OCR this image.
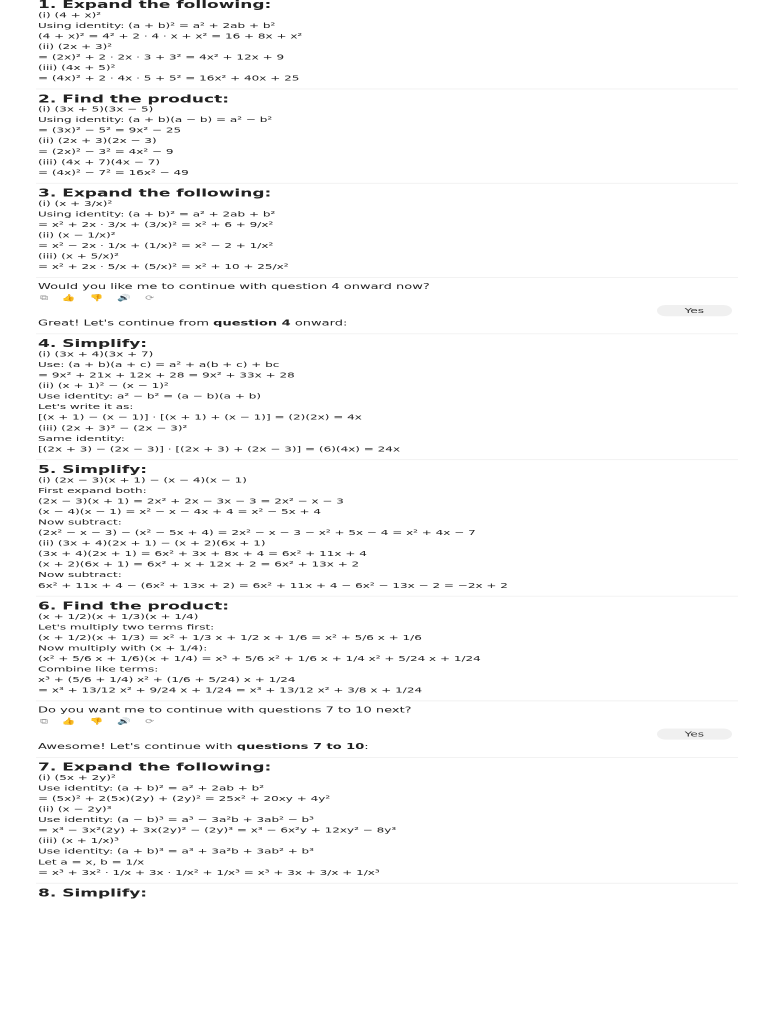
1. Expand the following:

(i) (4 + x)²

Using identity: (a + b)² = a² + 2ab + b²

(4 + x)² = 4² + 2 · 4 · x + x² = 16 + 8x + x²

(ii) (2x + 3)²

= (2x)² + 2 · 2x · 3 + 3² = 4x² + 12x + 9

(iii) (4x + 5)²

= (4x)² + 2 · 4x · 5 + 5² = 16x² + 40x + 25

2. Find the product:

(i) (3x + 5)(3x − 5)

Using identity: (a + b)(a − b) = a² − b²

= (3x)² − 5² = 9x² − 25

(ii) (2x + 3)(2x − 3)

= (2x)² − 3² = 4x² − 9

(iii) (4x + 7)(4x − 7)

= (4x)² − 7² = 16x² − 49

3. Expand the following:

(i) (x + 3/x)²

Using identity: (a + b)² = a² + 2ab + b²

= x² + 2x · 3/x + (3/x)² = x² + 6 + 9/x²

(ii) (x − 1/x)²

= x² − 2x · 1/x + (1/x)² = x² − 2 + 1/x²

(iii) (x + 5/x)²

= x² + 2x · 5/x + (5/x)² = x² + 10 + 25/x²

Would you like me to continue with question 4 onward now?
⧉ 👍 👎 🔊 ⟳
Yes
Great! Let's continue from question 4 onward:

4. Simplify:

(i) (3x + 4)(3x + 7)

Use: (a + b)(a + c) = a² + a(b + c) + bc

= 9x² + 21x + 12x + 28 = 9x² + 33x + 28

(ii) (x + 1)² − (x − 1)²

Use identity: a² − b² = (a − b)(a + b)

Let's write it as:

[(x + 1) − (x − 1)] · [(x + 1) + (x − 1)] = (2)(2x) = 4x

(iii) (2x + 3)² − (2x − 3)²

Same identity:

[(2x + 3) − (2x − 3)] · [(2x + 3) + (2x − 3)] = (6)(4x) = 24x

5. Simplify:

(i) (2x − 3)(x + 1) − (x − 4)(x − 1)

First expand both:

(2x − 3)(x + 1) = 2x² + 2x − 3x − 3 = 2x² − x − 3

(x − 4)(x − 1) = x² − x − 4x + 4 = x² − 5x + 4

Now subtract:

(2x² − x − 3) − (x² − 5x + 4) = 2x² − x − 3 − x² + 5x − 4 = x² + 4x − 7

(ii) (3x + 4)(2x + 1) − (x + 2)(6x + 1)

(3x + 4)(2x + 1) = 6x² + 3x + 8x + 4 = 6x² + 11x + 4

(x + 2)(6x + 1) = 6x² + x + 12x + 2 = 6x² + 13x + 2

Now subtract:

6x² + 11x + 4 − (6x² + 13x + 2) = 6x² + 11x + 4 − 6x² − 13x − 2 = −2x + 2

6. Find the product:

(x + 1/2)(x + 1/3)(x + 1/4)

Let's multiply two terms first:

(x + 1/2)(x + 1/3) = x² + 1/3 x + 1/2 x + 1/6 = x² + 5/6 x + 1/6

Now multiply with (x + 1/4):

(x² + 5/6 x + 1/6)(x + 1/4) = x³ + 5/6 x² + 1/6 x + 1/4 x² + 5/24 x + 1/24

Combine like terms:

x³ + (5/6 + 1/4) x² + (1/6 + 5/24) x + 1/24

= x³ + 13/12 x² + 9/24 x + 1/24 = x³ + 13/12 x² + 3/8 x + 1/24

Do you want me to continue with questions 7 to 10 next?
⧉ 👍 👎 🔊 ⟳
Yes
Awesome! Let's continue with questions 7 to 10:

7. Expand the following:

(i) (5x + 2y)²

Use identity: (a + b)² = a² + 2ab + b²

= (5x)² + 2(5x)(2y) + (2y)² = 25x² + 20xy + 4y²

(ii) (x − 2y)³

Use identity: (a − b)³ = a³ − 3a²b + 3ab² − b³

= x³ − 3x²(2y) + 3x(2y)² − (2y)³ = x³ − 6x²y + 12xy² − 8y³

(iii) (x + 1/x)³

Use identity: (a + b)³ = a³ + 3a²b + 3ab² + b³

Let a = x, b = 1/x

= x³ + 3x² · 1/x + 3x · 1/x² + 1/x³ = x³ + 3x + 3/x + 1/x³

8. Simplify:
